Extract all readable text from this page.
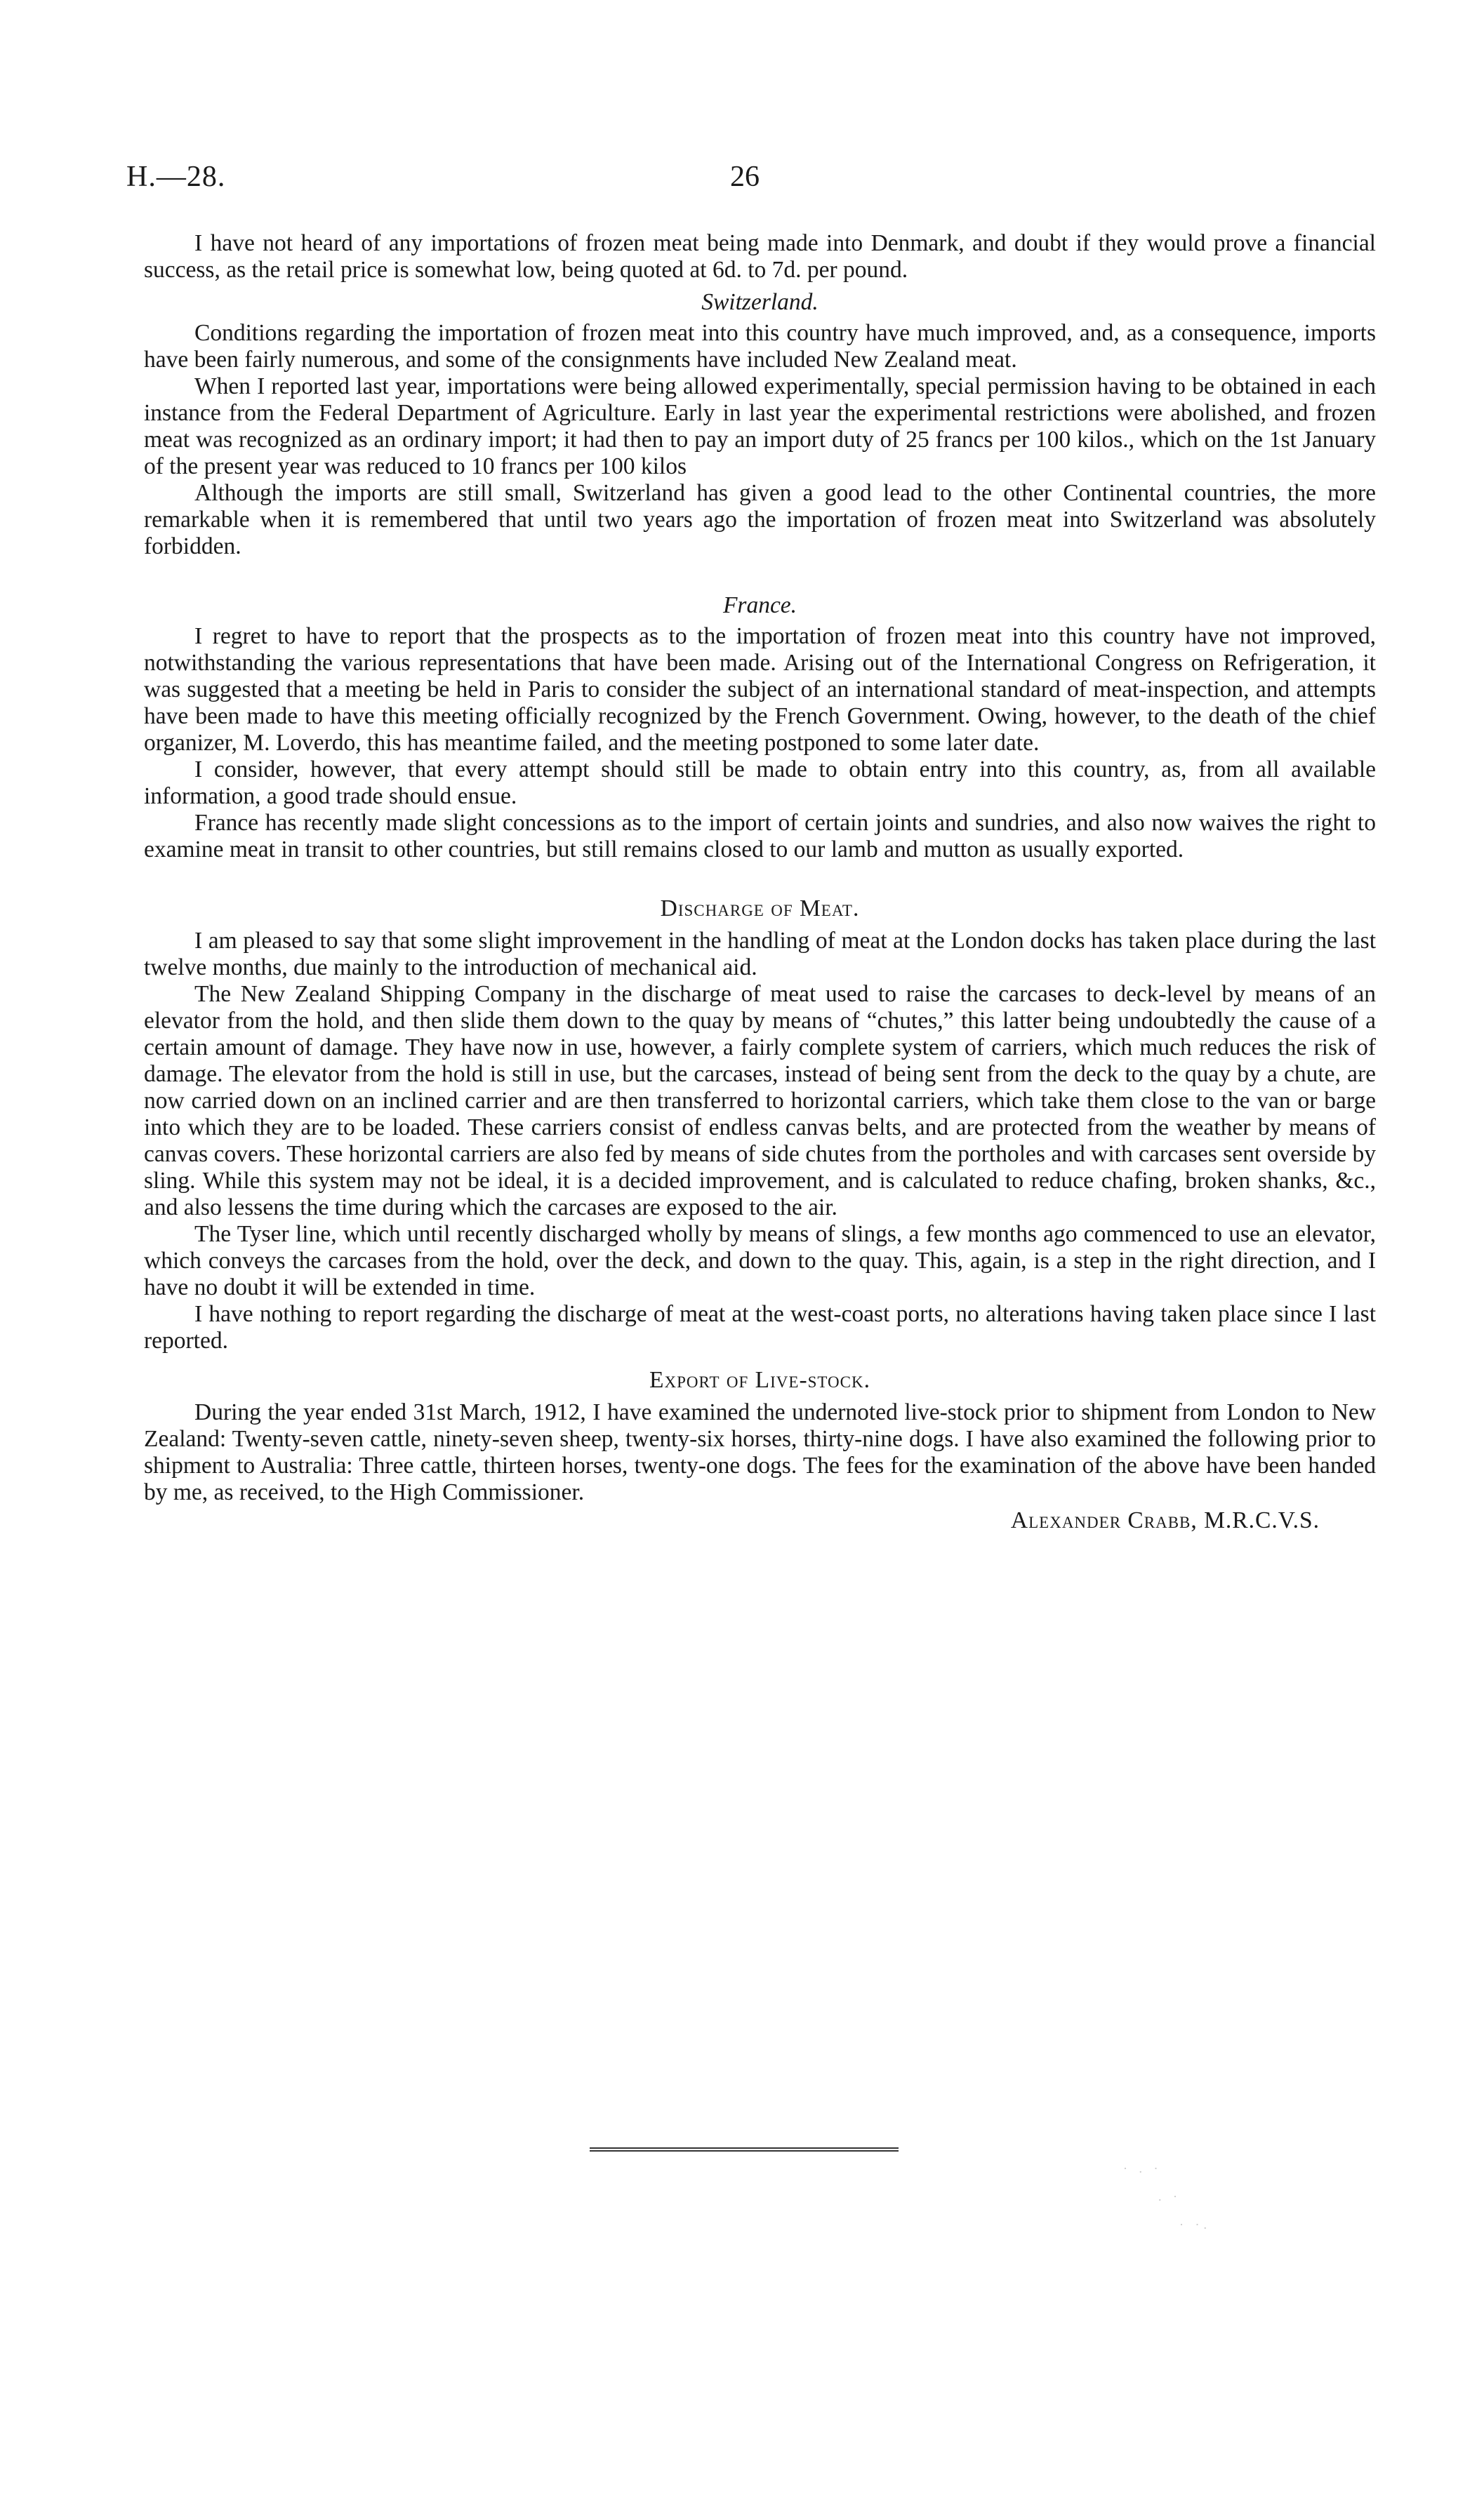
H.—28.	26

I have not heard of any importations of frozen meat being made into Denmark, and doubt if they would prove a financial success, as the retail price is somewhat low, being quoted at 6d. to 7d. per pound.

Switzerland.

Conditions regarding the importation of frozen meat into this country have much improved, and, as a consequence, imports have been fairly numerous, and some of the consignments have included New Zealand meat.

When I reported last year, importations were being allowed experimentally, special permission having to be obtained in each instance from the Federal Department of Agriculture. Early in last year the experimental restrictions were abolished, and frozen meat was recognized as an ordinary import; it had then to pay an import duty of 25 francs per 100 kilos., which on the 1st January of the present year was reduced to 10 francs per 100 kilos

Although the imports are still small, Switzerland has given a good lead to the other Continental countries, the more remarkable when it is remembered that until two years ago the importation of frozen meat into Switzerland was absolutely forbidden.

France.

I regret to have to report that the prospects as to the importation of frozen meat into this country have not improved, notwithstanding the various representations that have been made. Arising out of the International Congress on Refrigeration, it was suggested that a meeting be held in Paris to consider the subject of an international standard of meat-inspection, and attempts have been made to have this meeting officially recognized by the French Government. Owing, however, to the death of the chief organizer, M. Loverdo, this has meantime failed, and the meeting postponed to some later date.

I consider, however, that every attempt should still be made to obtain entry into this country, as, from all available information, a good trade should ensue.

France has recently made slight concessions as to the import of certain joints and sundries, and also now waives the right to examine meat in transit to other countries, but still remains closed to our lamb and mutton as usually exported.

Discharge of Meat.

I am pleased to say that some slight improvement in the handling of meat at the London docks has taken place during the last twelve months, due mainly to the introduction of mechanical aid.

The New Zealand Shipping Company in the discharge of meat used to raise the carcases to deck-level by means of an elevator from the hold, and then slide them down to the quay by means of “chutes,” this latter being undoubtedly the cause of a certain amount of damage. They have now in use, however, a fairly complete system of carriers, which much reduces the risk of damage. The elevator from the hold is still in use, but the carcases, instead of being sent from the deck to the quay by a chute, are now carried down on an inclined carrier and are then transferred to horizontal carriers, which take them close to the van or barge into which they are to be loaded. These carriers consist of endless canvas belts, and are protected from the weather by means of canvas covers. These horizontal carriers are also fed by means of side chutes from the portholes and with carcases sent overside by sling. While this system may not be ideal, it is a decided improvement, and is calculated to reduce chafing, broken shanks, &c., and also lessens the time during which the carcases are exposed to the air.

The Tyser line, which until recently discharged wholly by means of slings, a few months ago commenced to use an elevator, which conveys the carcases from the hold, over the deck, and down to the quay. This, again, is a step in the right direction, and I have no doubt it will be extended in time.

I have nothing to report regarding the discharge of meat at the west-coast ports, no alterations having taken place since I last reported.

Export of Live-stock.

During the year ended 31st March, 1912, I have examined the undernoted live-stock prior to shipment from London to New Zealand: Twenty-seven cattle, ninety-seven sheep, twenty-six horses, thirty-nine dogs. I have also examined the following prior to shipment to Australia: Three cattle, thirteen horses, twenty-one dogs. The fees for the examination of the above have been handed by me, as received, to the High Commissioner.

Alexander Crabb, M.R.C.V.S.
· . ·
. ·
· ·.
